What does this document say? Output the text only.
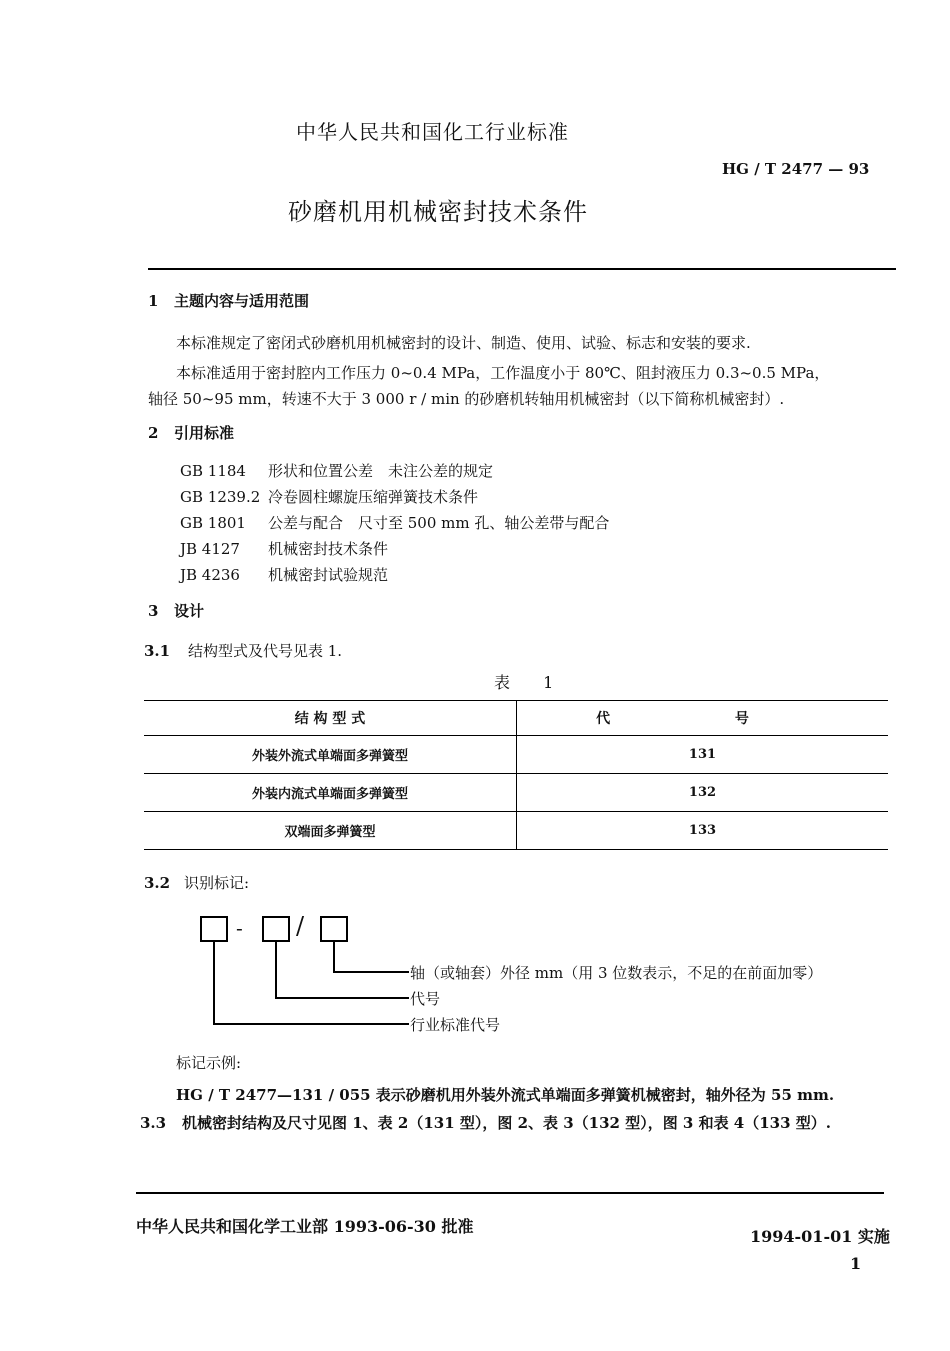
中华人民共和国化工行业标准
HG / T 2477 — 93
砂磨机用机械密封技术条件
1 主题内容与适用范围
本标准规定了密闭式砂磨机用机械密封的设计、制造、使用、试验、标志和安装的要求.
本标准适用于密封腔内工作压力 0~0.4 MPa，工作温度小于 80℃、阻封液压力 0.3~0.5 MPa，
轴径 50~95 mm，转速不大于 3 000 r / min 的砂磨机转轴用机械密封（以下简称机械密封）.
2 引用标准
GB 1184 形状和位置公差　未注公差的规定
GB 1239.2 冷卷圆柱螺旋压缩弹簧技术条件
GB 1801 公差与配合　尺寸至 500 mm 孔、轴公差带与配合
JB 4127 机械密封技术条件
JB 4236 机械密封试验规范
3 设计
3.1 结构型式及代号见表 1.
表 1
结 构 型 式	代 号
外装外流式单端面多弹簧型	131
外装内流式单端面多弹簧型	132
双端面多弹簧型	133
3.2 识别标记:
- /
轴（或轴套）外径 mm（用 3 位数表示，不足的在前面加零）
代号
行业标准代号
标记示例:
HG / T 2477—131 / 055 表示砂磨机用外装外流式单端面多弹簧机械密封，轴外径为 55 mm.
3.3 机械密封结构及尺寸见图 1、表 2（131 型），图 2、表 3（132 型），图 3 和表 4（133 型）.
中华人民共和国化学工业部 1993-06-30 批准
1994-01-01 实施
1
